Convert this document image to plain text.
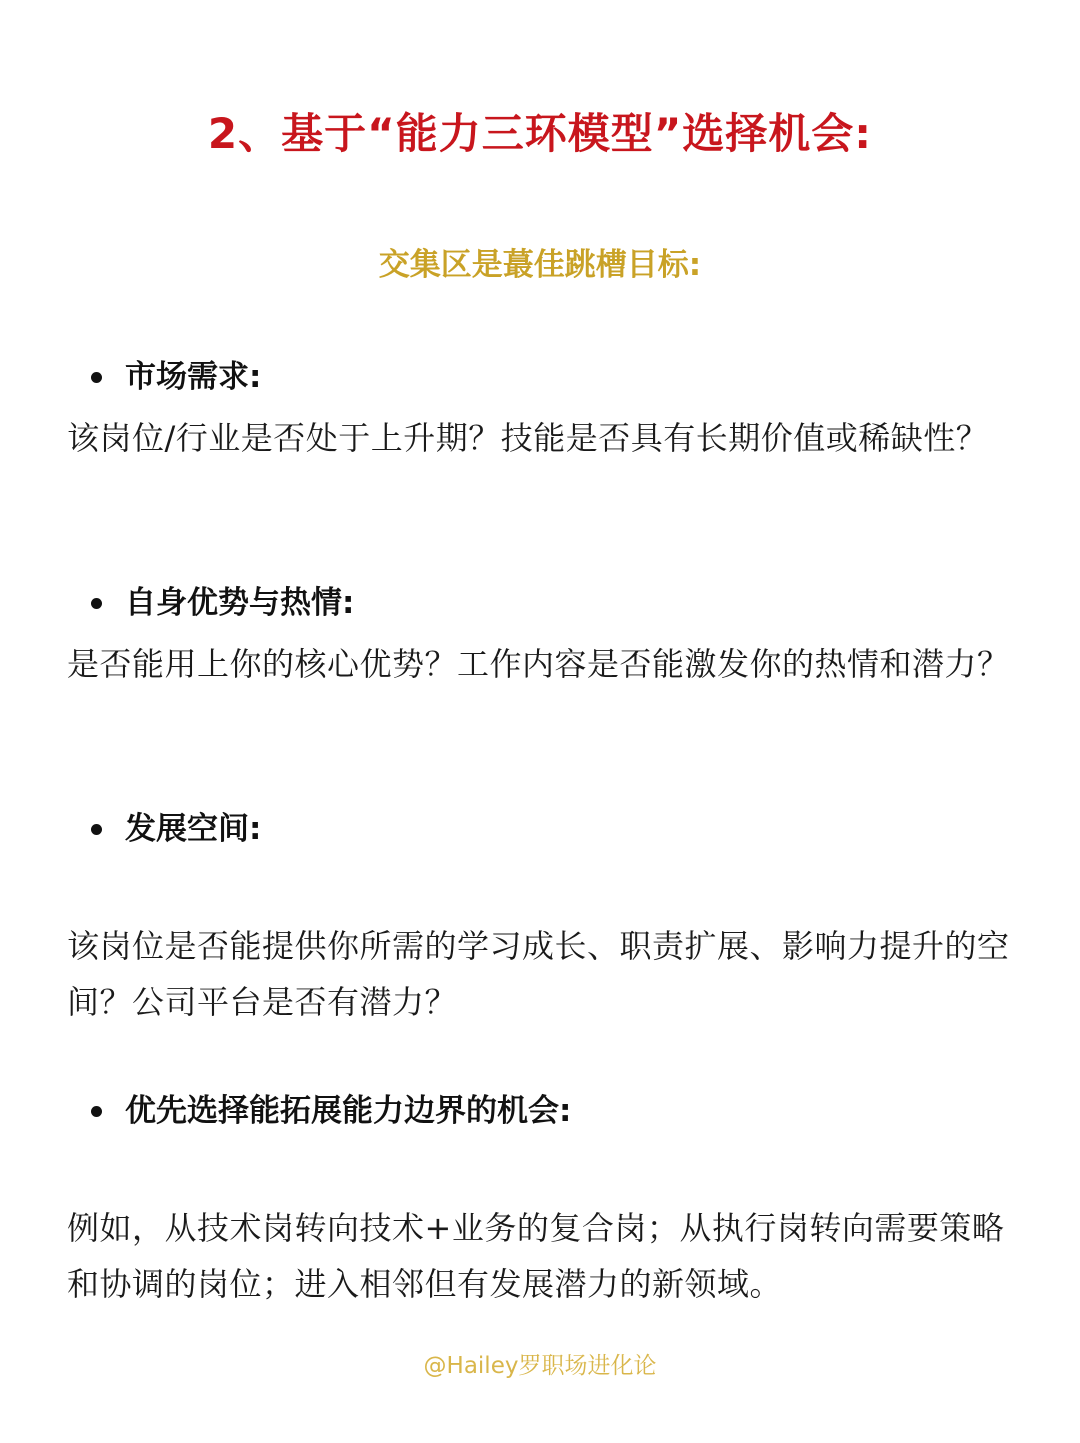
2、基于“能力三环模型”选择机会:
交集区是蕞佳跳槽目标:
市场需求:
该岗位/行业是否处于上升期？技能是否具有长期价值或稀缺性？
自身优势与热情:
是否能用上你的核心优势？工作内容是否能激发你的热情和潜力？
发展空间:
该岗位是否能提供你所需的学习成长、职责扩展、影响力提升的空间？公司平台是否有潜力？
优先选择能拓展能力边界的机会:
例如，从技术岗转向技术+业务的复合岗；从执行岗转向需要策略和协调的岗位；进入相邻但有发展潜力的新领域。
@Hailey罗职场进化论
